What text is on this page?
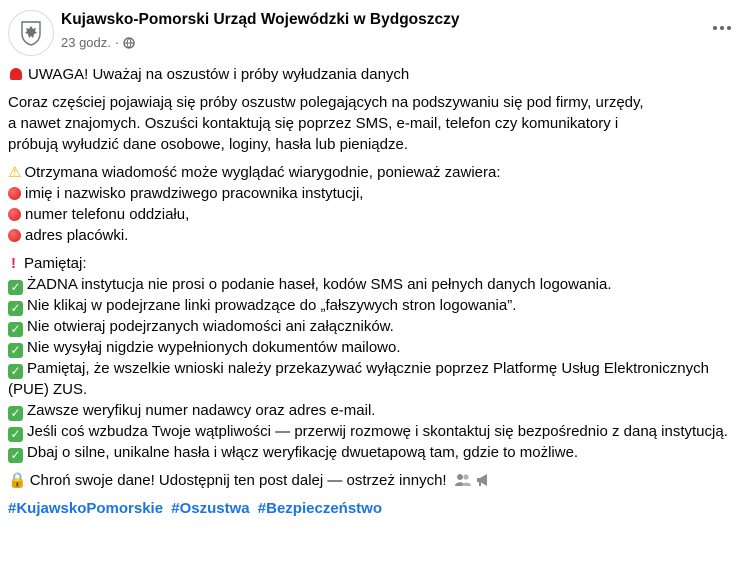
Kujawsko-Pomorski Urząd Wojewódzki w Bydgoszczy
23 godz. ·
UWAGA! Uważaj na oszustów i próby wyłudzania danych
Coraz częściej pojawiają się próby oszustw polegających na podszywaniu się pod firmy, urzędy,
a nawet znajomych. Oszuści kontaktują się poprzez SMS, e-mail, telefon czy komunikatory i
próbują wyłudzić dane osobowe, loginy, hasła lub pieniądze.
⚠ Otrzymana wiadomość może wyglądać wiarygodnie, ponieważ zawiera:
imię i nazwisko prawdziwego pracownika instytucji,
numer telefonu oddziału,
adres placówki.
! Pamiętaj:
✓ ŻADNA instytucja nie prosi o podanie haseł, kodów SMS ani pełnych danych logowania.
✓ Nie klikaj w podejrzane linki prowadzące do „fałszywych stron logowania”.
✓ Nie otwieraj podejrzanych wiadomości ani załączników.
✓ Nie wysyłaj nigdzie wypełnionych dokumentów mailowo.
✓ Pamiętaj, że wszelkie wnioski należy przekazywać wyłącznie poprzez Platformę Usług Elektronicznych (PUE) ZUS.
✓ Zawsze weryfikuj numer nadawcy oraz adres e-mail.
✓ Jeśli coś wzbudza Twoje wątpliwości — przerwij rozmowę i skontaktuj się bezpośrednio z daną instytucją.
✓ Dbaj o silne, unikalne hasła i włącz weryfikację dwuetapową tam, gdzie to możliwe.
🔒 Chroń swoje dane! Udostępnij ten post dalej — ostrzeż innych!
#KujawskoPomorskie #Oszustwa #Bezpieczeństwo
